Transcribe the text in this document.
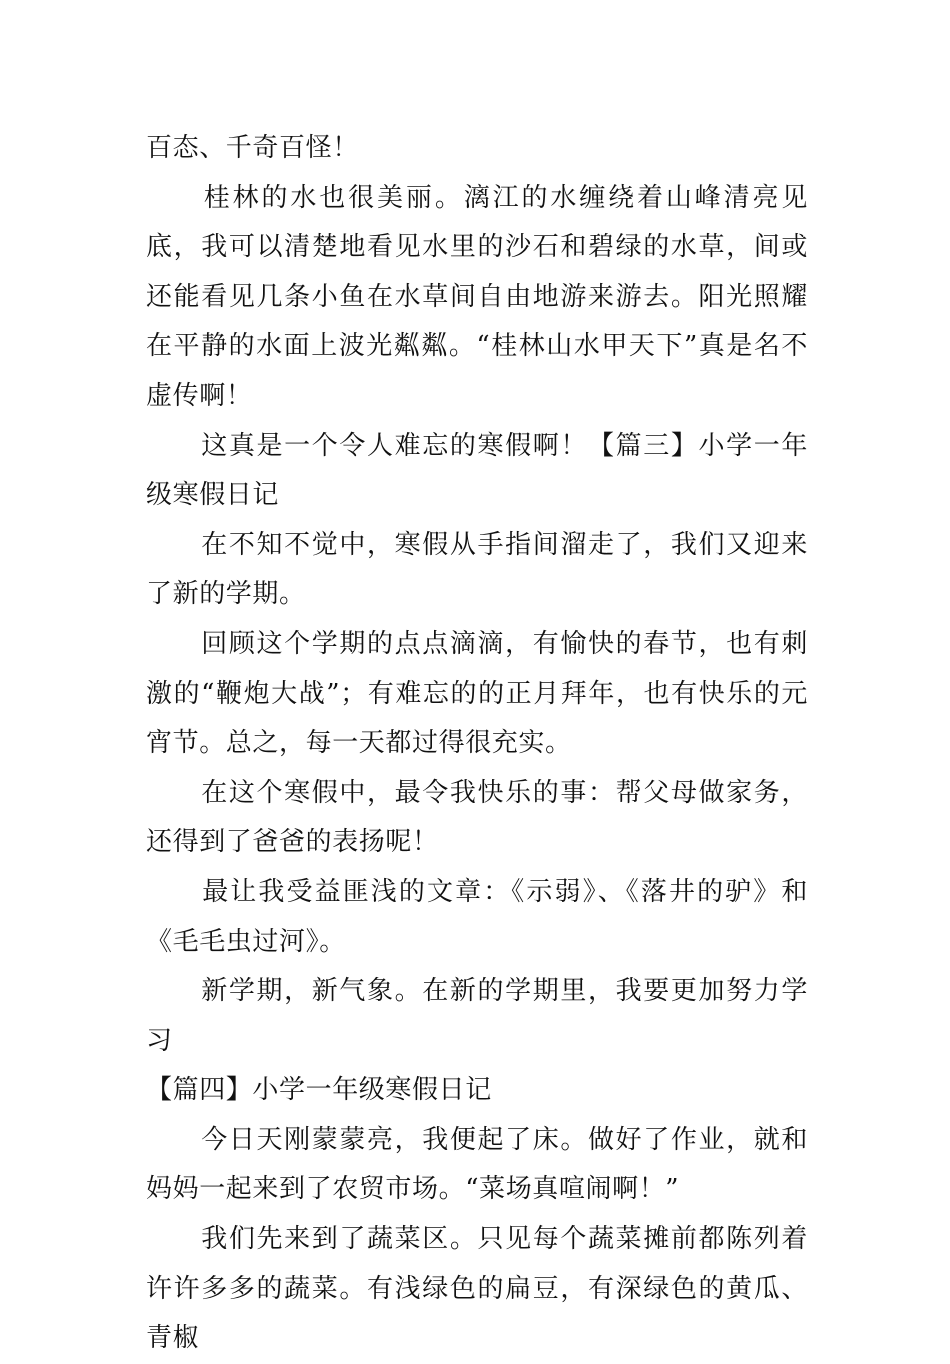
百态、千奇百怪！

　　桂林的水也很美丽。漓江的水缠绕着山峰清亮见底，我可以清楚地看见水里的沙石和碧绿的水草，间或还能看见几条小鱼在水草间自由地游来游去。阳光照耀在平静的水面上波光粼粼。“桂林山水甲天下”真是名不虚传啊！

　　这真是一个令人难忘的寒假啊！【篇三】小学一年级寒假日记

　　在不知不觉中，寒假从手指间溜走了，我们又迎来了新的学期。

　　回顾这个学期的点点滴滴，有愉快的春节，也有刺激的“鞭炮大战”；有难忘的的正月拜年，也有快乐的元宵节。总之，每一天都过得很充实。

　　在这个寒假中，最令我快乐的事：帮父母做家务，还得到了爸爸的表扬呢！

　　最让我受益匪浅的文章：《示弱》、《落井的驴》和《毛毛虫过河》。

　　新学期，新气象。在新的学期里，我要更加努力学习

【篇四】小学一年级寒假日记

　　今日天刚蒙蒙亮，我便起了床。做好了作业，就和妈妈一起来到了农贸市场。“菜场真喧闹啊！”

　　我们先来到了蔬菜区。只见每个蔬菜摊前都陈列着许许多多的蔬菜。有浅绿色的扁豆，有深绿色的黄瓜、青椒
